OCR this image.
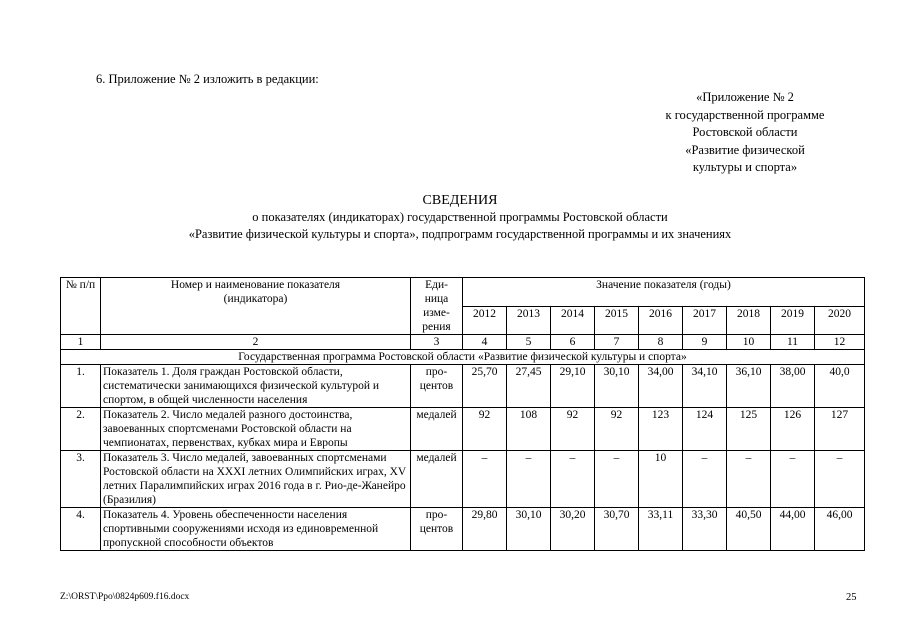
6. Приложение № 2 изложить в редакции:
«Приложение № 2
к государственной программе
Ростовской области
«Развитие физической
культуры и спорта»
СВЕДЕНИЯ
о показателях (индикаторах) государственной программы Ростовской области
«Развитие физической культуры и спорта», подпрограмм государственной программы и их значениях
№ п/п	Номер и наименование показателя (индикатора)	Еди-ница изме-рения	Значение показателя (годы)								
			2012	2013	2014	2015	2016	2017	2018	2019	2020
1	2	3	4	5	6	7	8	9	10	11	12
Государственная программа Ростовской области «Развитие физической культуры и спорта»											
1.	Показатель 1. Доля граждан Ростовской области, систематически занимающихся физической культурой и спортом, в общей численности населения	про-центов	25,70	27,45	29,10	30,10	34,00	34,10	36,10	38,00	40,0
2.	Показатель 2. Число медалей разного достоинства, завоеванных спортсменами Ростовской области на чемпионатах, первенствах, кубках мира и Европы	медалей	92	108	92	92	123	124	125	126	127
3.	Показатель 3. Число медалей, завоеванных спортсменами Ростовской области на XXXI летних Олимпийских играх, XV летних Паралимпийских играх 2016 года в г. Рио-де-Жанейро (Бразилия)	медалей	–	–	–	–	10	–	–	–	–
4.	Показатель 4. Уровень обеспеченности населения спортивными сооружениями исходя из единовременной пропускной способности объектов	про-центов	29,80	30,10	30,20	30,70	33,11	33,30	40,50	44,00	46,00
Z:\ORST\Ppo\0824p609.f16.docx	25
